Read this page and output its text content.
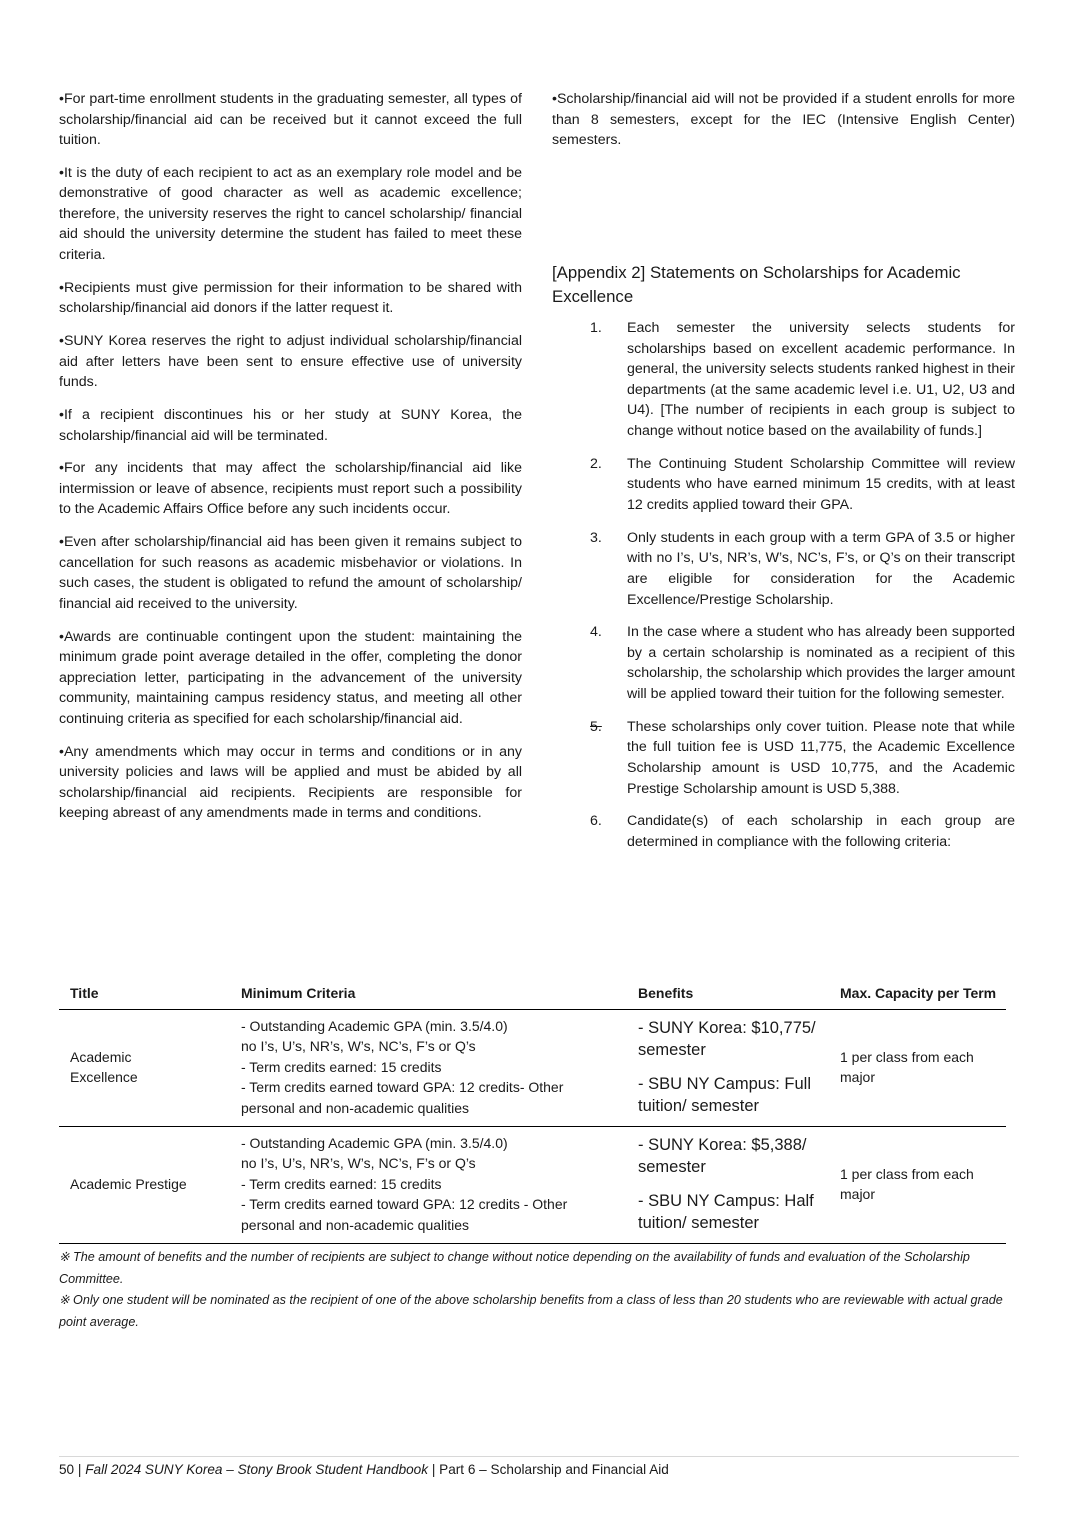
•For part-time enrollment students in the graduating semester, all types of scholarship/financial aid can be received but it cannot exceed the full tuition.

•It is the duty of each recipient to act as an exemplary role model and be demonstrative of good character as well as academic excellence; therefore, the university reserves the right to cancel scholarship/ financial aid should the university determine the student has failed to meet these criteria.

•Recipients must give permission for their information to be shared with scholarship/financial aid donors if the latter request it.

•SUNY Korea reserves the right to adjust individual scholarship/financial aid after letters have been sent to ensure effective use of university funds.

•If a recipient discontinues his or her study at SUNY Korea, the scholarship/financial aid will be terminated.

•For any incidents that may affect the scholarship/financial aid like intermission or leave of absence, recipients must report such a possibility to the Academic Affairs Office before any such incidents occur.

•Even after scholarship/financial aid has been given it remains subject to cancellation for such reasons as academic misbehavior or violations. In such cases, the student is obligated to refund the amount of scholarship/ financial aid received to the university.

•Awards are continuable contingent upon the student: maintaining the minimum grade point average detailed in the offer, completing the donor appreciation letter, participating in the advancement of the university community, maintaining campus residency status, and meeting all other continuing criteria as specified for each scholarship/financial aid.

•Any amendments which may occur in terms and conditions or in any university policies and laws will be applied and must be abided by all scholarship/financial aid recipients. Recipients are responsible for keeping abreast of any amendments made in terms and conditions.

•Scholarship/financial aid will not be provided if a student enrolls for more than 8 semesters, except for the IEC (Intensive English Center) semesters.

[Appendix 2] Statements on Scholarships for Academic Excellence
1. Each semester the university selects students for scholarships based on excellent academic performance. In general, the university selects students ranked highest in their departments (at the same academic level i.e. U1, U2, U3 and U4). [The number of recipients in each group is subject to change without notice based on the availability of funds.]
2. The Continuing Student Scholarship Committee will review students who have earned minimum 15 credits, with at least 12 credits applied toward their GPA.
3. Only students in each group with a term GPA of 3.5 or higher with no I’s, U’s, NR’s, W’s, NC’s, F’s, or Q’s on their transcript are eligible for consideration for the Academic Excellence/Prestige Scholarship.
4. In the case where a student who has already been supported by a certain scholarship is nominated as a recipient of this scholarship, the scholarship which provides the larger amount will be applied toward their tuition for the following semester.
5. These scholarships only cover tuition. Please note that while the full tuition fee is USD 11,775, the Academic Excellence Scholarship amount is USD 10,775, and the Academic Prestige Scholarship amount is USD 5,388.
6. Candidate(s) of each scholarship in each group are determined in compliance with the following criteria:
Title	Minimum Criteria	Benefits	Max. Capacity per Term

Academic Excellence	- Outstanding Academic GPA (min. 3.5/4.0)
no I’s, U’s, NR’s, W’s, NC’s, F’s or Q’s
- Term credits earned: 15 credits
- Term credits earned toward GPA: 12 credits- Other personal and non-academic qualities	- SUNY Korea: $10,775/ semester
- SBU NY Campus: Full tuition/ semester	1 per class from each major

Academic Prestige	- Outstanding Academic GPA (min. 3.5/4.0)
no I’s, U’s, NR’s, W’s, NC’s, F’s or Q’s
- Term credits earned: 15 credits
- Term credits earned toward GPA: 12 credits - Other personal and non-academic qualities	- SUNY Korea: $5,388/ semester
- SBU NY Campus: Half tuition/ semester	1 per class from each major

※ The amount of benefits and the number of recipients are subject to change without notice depending on the availability of funds and evaluation of the Scholarship Committee.

※ Only one student will be nominated as the recipient of one of the above scholarship benefits from a class of less than 20 students who are reviewable with actual grade point average.

50 | Fall 2024 SUNY Korea – Stony Brook Student Handbook | Part 6 – Scholarship and Financial Aid
